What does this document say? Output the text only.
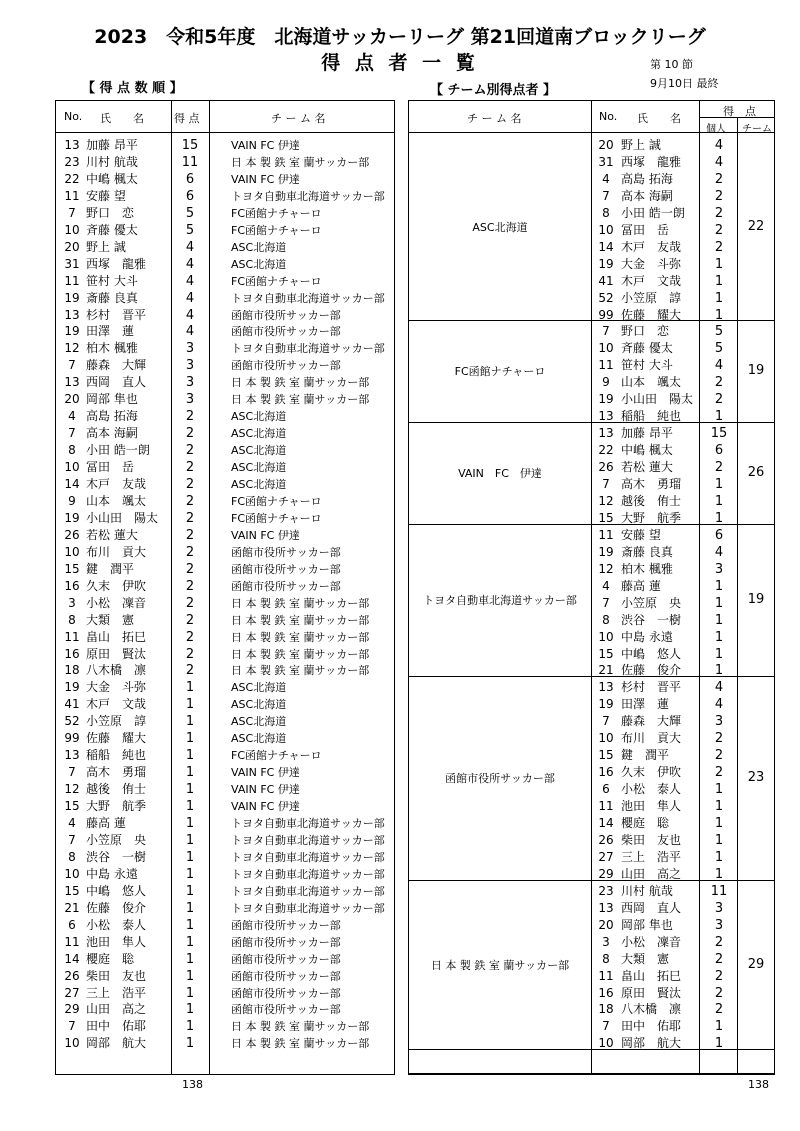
2023　令和5年度　北海道サッカーリーグ 第21回道南ブロックリーグ
得 点 者 一 覧	第 10 節
9月10日 最終
【 得 点 数 順 】	【 チーム別得点者 】
No. 氏　　名	得 点	チ ー ム 名
13 加藤 昂平	15	VAIN FC 伊達
23 川村 航哉	11	日 本 製 鉄 室 蘭サッカー部
22 中嶋 楓太	6	VAIN FC 伊達
11 安藤 望	6	トヨタ自動車北海道サッカー部
7 野口　恋	5	FC函館ナチャーロ
10 斉藤 優太	5	FC函館ナチャーロ
20 野上 誠	4	ASC北海道
31 西塚　龍雅	4	ASC北海道
11 笹村 大斗	4	FC函館ナチャーロ
19 斎藤 良真	4	トヨタ自動車北海道サッカー部
13 杉村　晋平	4	函館市役所サッカー部
19 田澤　蓮	4	函館市役所サッカー部
12 柏木 楓雅	3	トヨタ自動車北海道サッカー部
7 藤森　大輝	3	函館市役所サッカー部
13 西岡　直人	3	日 本 製 鉄 室 蘭サッカー部
20 岡部 隼也	3	日 本 製 鉄 室 蘭サッカー部
4 高島 拓海	2	ASC北海道
7 高本 海嗣	2	ASC北海道
8 小田 皓一朗	2	ASC北海道
10 冨田　岳	2	ASC北海道
14 木戸　友哉	2	ASC北海道
9 山本　颯太	2	FC函館ナチャーロ
19 小山田　陽太	2	FC函館ナチャーロ
26 若松 蓮大	2	VAIN FC 伊達
10 布川　貢大	2	函館市役所サッカー部
15 鍵　潤平	2	函館市役所サッカー部
16 久末　伊吹	2	函館市役所サッカー部
3 小松　凜音	2	日 本 製 鉄 室 蘭サッカー部
8 大類　憲	2	日 本 製 鉄 室 蘭サッカー部
11 畠山　拓巳	2	日 本 製 鉄 室 蘭サッカー部
16 原田　賢汰	2	日 本 製 鉄 室 蘭サッカー部
18 八木橋　凛	2	日 本 製 鉄 室 蘭サッカー部
19 大金　斗弥	1	ASC北海道
41 木戸　文哉	1	ASC北海道
52 小笠原　諄	1	ASC北海道
99 佐藤　耀大	1	ASC北海道
13 稲船　純也	1	FC函館ナチャーロ
7 高木　勇瑠	1	VAIN FC 伊達
12 越後　侑士	1	VAIN FC 伊達
15 大野　航季	1	VAIN FC 伊達
4 藤高 蓮	1	トヨタ自動車北海道サッカー部
7 小笠原　央	1	トヨタ自動車北海道サッカー部
8 渋谷　一樹	1	トヨタ自動車北海道サッカー部
10 中島 永遠	1	トヨタ自動車北海道サッカー部
15 中嶋　悠人	1	トヨタ自動車北海道サッカー部
21 佐藤　俊介	1	トヨタ自動車北海道サッカー部
6 小松　泰人	1	函館市役所サッカー部
11 池田　隼人	1	函館市役所サッカー部
14 櫻庭　聡	1	函館市役所サッカー部
26 柴田　友也	1	函館市役所サッカー部
27 三上　浩平	1	函館市役所サッカー部
29 山田　高之	1	函館市役所サッカー部
7 田中　佑耶	1	日 本 製 鉄 室 蘭サッカー部
10 岡部　航大	1	日 本 製 鉄 室 蘭サッカー部
チ ー ム 名	No. 氏　　名
得　点
個人 チーム
ASC北海道	22
20 野上 誠	4
31 西塚　龍雅	4
4 高島 拓海	2
7 高本 海嗣	2
8 小田 皓一朗	2
10 冨田　岳	2
14 木戸　友哉	2
19 大金　斗弥	1
41 木戸　文哉	1
52 小笠原　諄	1
99 佐藤　耀大	1
FC函館ナチャーロ	19
7 野口　恋	5
10 斉藤 優太	5
11 笹村 大斗	4
9 山本　颯太	2
19 小山田　陽太	2
13 稲船　純也	1
VAIN　FC　伊達	26
13 加藤 昂平	15
22 中嶋 楓太	6
26 若松 蓮大	2
7 高木　勇瑠	1
12 越後　侑士	1
15 大野　航季	1
トヨタ自動車北海道サッカー部	19
11 安藤 望	6
19 斎藤 良真	4
12 柏木 楓雅	3
4 藤高 蓮	1
7 小笠原　央	1
8 渋谷　一樹	1
10 中島 永遠	1
15 中嶋　悠人	1
21 佐藤　俊介	1
函館市役所サッカー部	23
13 杉村　晋平	4
19 田澤　蓮	4
7 藤森　大輝	3
10 布川　貢大	2
15 鍵　潤平	2
16 久末　伊吹	2
6 小松　泰人	1
11 池田　隼人	1
14 櫻庭　聡	1
26 柴田　友也	1
27 三上　浩平	1
29 山田　高之	1
日 本 製 鉄 室 蘭サッカー部	29
23 川村 航哉	11
13 西岡　直人	3
20 岡部 隼也	3
3 小松　凜音	2
8 大類　憲	2
11 畠山　拓巳	2
16 原田　賢汰	2
18 八木橋　凛	2
7 田中　佑耶	1
10 岡部　航大	1
138	138
